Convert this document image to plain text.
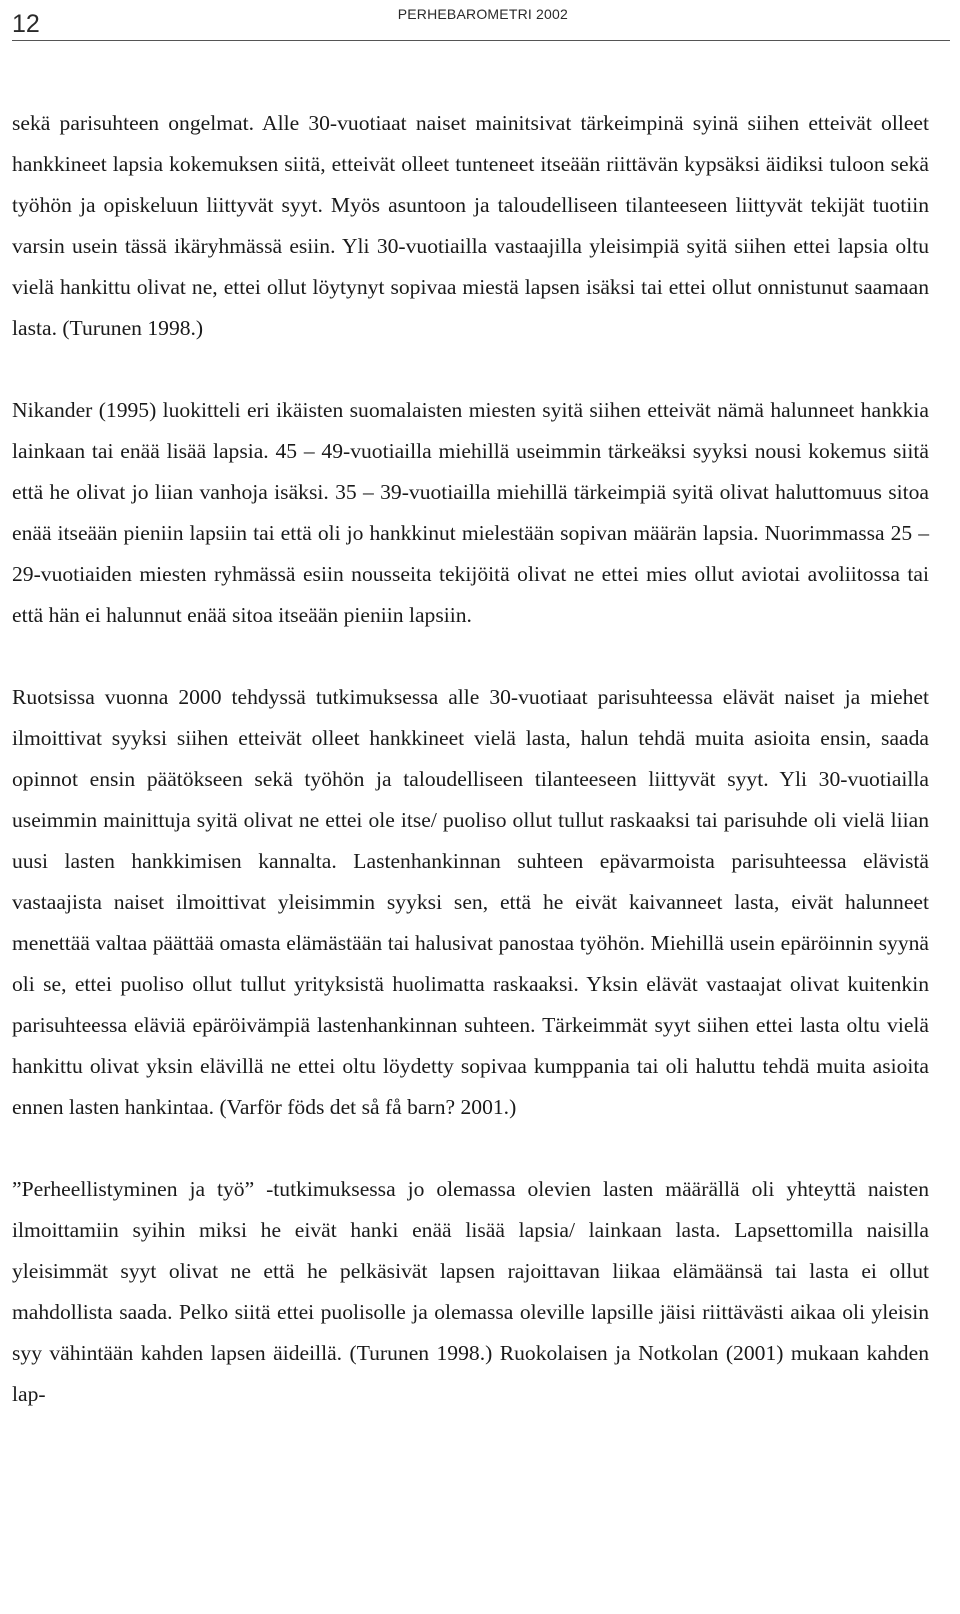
12	PERHEBAROMETRI 2002

sekä parisuhteen ongelmat. Alle 30-vuotiaat naiset mainitsivat tärkeimpinä syinä siihen etteivät olleet hankkineet lapsia kokemuksen siitä, etteivät olleet tunteneet itseään riittävän kypsäksi äidiksi tuloon sekä työhön ja opiskeluun liittyvät syyt. Myös asuntoon ja taloudelliseen tilanteeseen liittyvät tekijät tuotiin varsin usein tässä ikäryhmässä esiin. Yli 30-vuotiailla vastaajilla yleisimpiä syitä siihen ettei lapsia oltu vielä hankittu olivat ne, ettei ollut löytynyt sopivaa miestä lapsen isäksi tai ettei ollut onnistunut saamaan lasta. (Turunen 1998.)

Nikander (1995) luokitteli eri ikäisten suomalaisten miesten syitä siihen etteivät nämä halunneet hankkia lainkaan tai enää lisää lapsia. 45 – 49-vuotiailla miehillä useimmin tärkeäksi syyksi nousi kokemus siitä että he olivat jo liian vanhoja isäksi. 35 – 39-vuotiailla miehillä tärkeimpiä syitä olivat haluttomuus sitoa enää itseään pieniin lapsiin tai että oli jo hankkinut mielestään sopivan määrän lapsia. Nuorimmassa 25 – 29-vuotiaiden miesten ryhmässä esiin nousseita tekijöitä olivat ne ettei mies ollut aviotai avoliitossa tai että hän ei halunnut enää sitoa itseään pieniin lapsiin.

Ruotsissa vuonna 2000 tehdyssä tutkimuksessa alle 30-vuotiaat parisuhteessa elävät naiset ja miehet ilmoittivat syyksi siihen etteivät olleet hankkineet vielä lasta, halun tehdä muita asioita ensin, saada opinnot ensin päätökseen sekä työhön ja taloudelliseen tilanteeseen liittyvät syyt. Yli 30-vuotiailla useimmin mainittuja syitä olivat ne ettei ole itse/ puoliso ollut tullut raskaaksi tai parisuhde oli vielä liian uusi lasten hankkimisen kannalta. Lastenhankinnan suhteen epävarmoista parisuhteessa elävistä vastaajista naiset ilmoittivat yleisimmin syyksi sen, että he eivät kaivanneet lasta, eivät halunneet menettää valtaa päättää omasta elämästään tai halusivat panostaa työhön. Miehillä usein epäröinnin syynä oli se, ettei puoliso ollut tullut yrityksistä huolimatta raskaaksi. Yksin elävät vastaajat olivat kuitenkin parisuhteessa eläviä epäröivämpiä lastenhankinnan suhteen. Tärkeimmät syyt siihen ettei lasta oltu vielä hankittu olivat yksin elävillä ne ettei oltu löydetty sopivaa kumppania tai oli haluttu tehdä muita asioita ennen lasten hankintaa. (Varför föds det så få barn? 2001.)

”Perheellistyminen ja työ” -tutkimuksessa jo olemassa olevien lasten määrällä oli yhteyttä naisten ilmoittamiin syihin miksi he eivät hanki enää lisää lapsia/ lainkaan lasta. Lapsettomilla naisilla yleisimmät syyt olivat ne että he pelkäsivät lapsen rajoittavan liikaa elämäänsä tai lasta ei ollut mahdollista saada. Pelko siitä ettei puolisolle ja olemassa oleville lapsille jäisi riittävästi aikaa oli yleisin syy vähintään kahden lapsen äideillä. (Turunen 1998.) Ruokolaisen ja Notkolan (2001) mukaan kahden lap-
